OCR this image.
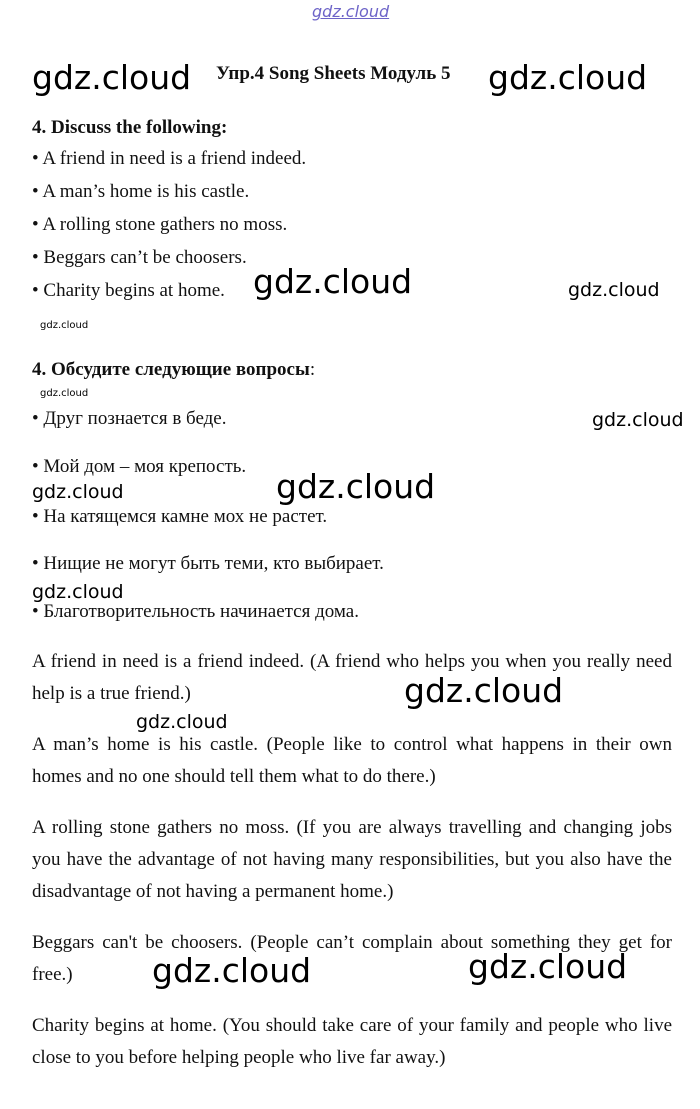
gdz.cloud
gdz.cloud Упр.4 Song Sheets Модуль 5 gdz.cloud
4. Discuss the following:
• A friend in need is a friend indeed.
• A man’s home is his castle.
• A rolling stone gathers no moss.
• Beggars can’t be choosers.
• Charity begins at home. gdz.cloud	gdz.cloud
gdz.cloud
4. Обсудите следующие вопросы:
gdz.cloud
• Друг познается в беде.	gdz.cloud
• Мой дом – моя крепость.
gdz.cloud
gdz.cloud
• На катящемся камне мох не растет.
• Нищие не могут быть теми, кто выбирает.
gdz.cloud
• Благотворительность начинается дома.
A friend in need is a friend indeed. (A friend who helps you when you really need help is a true friend.)	gdz.cloud
gdz.cloud
A man’s home is his castle. (People like to control what happens in their own homes and no one should tell them what to do there.)
A rolling stone gathers no moss. (If you are always travelling and changing jobs you have the advantage of not having many responsibilities, but you also have the disadvantage of not having a permanent home.)
Beggars can't be choosers. (People can’t complain about something they get for free.)	gdz.cloud	gdz.cloud
Charity begins at home. (You should take care of your family and people who live close to you before helping people who live far away.)
